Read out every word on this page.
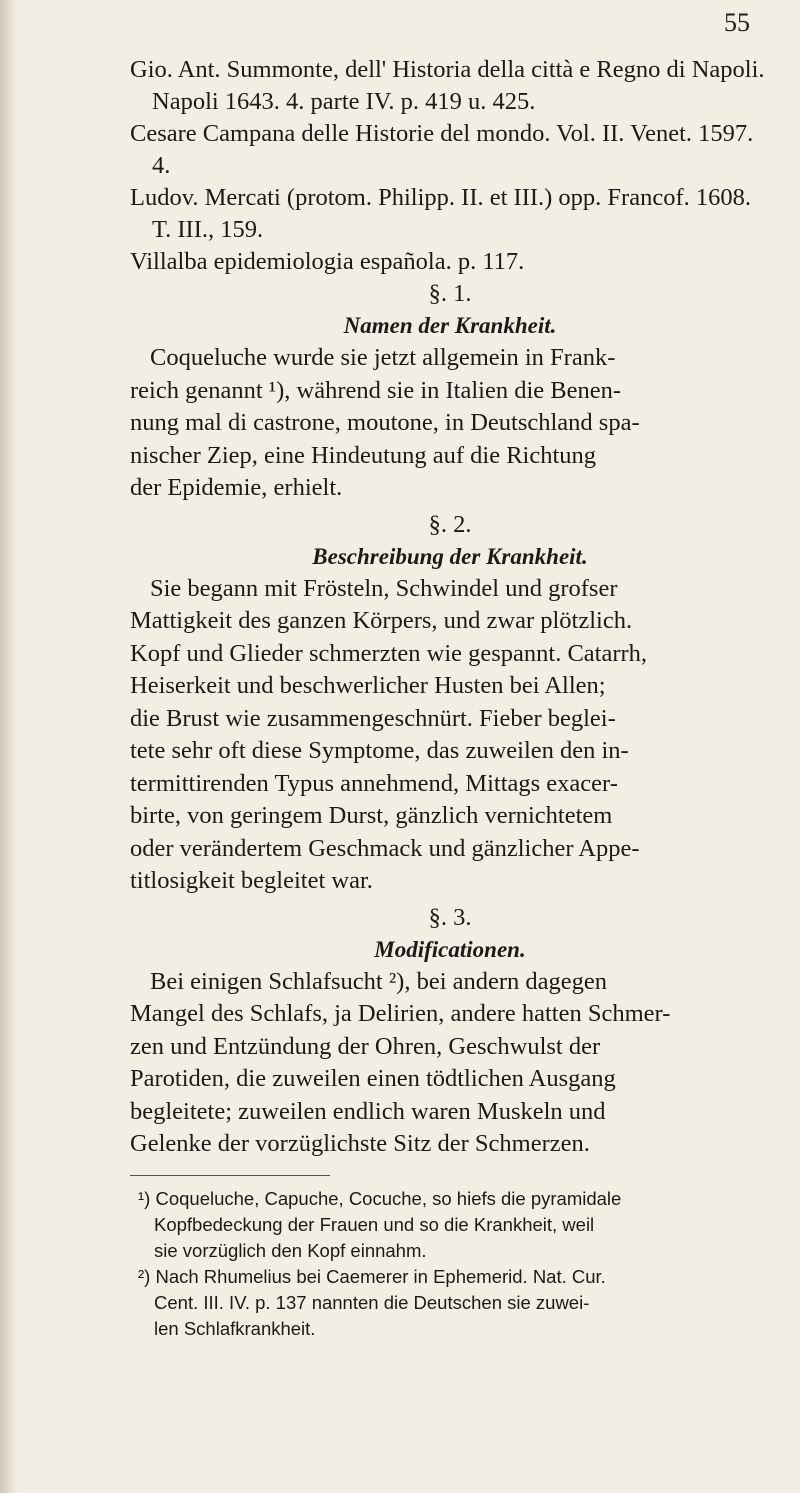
55

Gio. Ant. Summonte, dell' Historia della città e Regno di Napoli. Napoli 1643. 4. parte IV. p. 419 u. 425.

Cesare Campana delle Historie del mondo. Vol. II. Venet. 1597. 4.

Ludov. Mercati (protom. Philipp. II. et III.) opp. Francof. 1608. T. III., 159.

Villalba epidemiologia española. p. 117.

§. 1.

Namen der Krankheit.

Coqueluche wurde sie jetzt allgemein in Frank-
reich genannt ¹), während sie in Italien die Benen-
nung mal di castrone, moutone, in Deutschland spa-
nischer Ziep, eine Hindeutung auf die Richtung
der Epidemie, erhielt.

§. 2.

Beschreibung der Krankheit.

Sie begann mit Frösteln, Schwindel und grofser
Mattigkeit des ganzen Körpers, und zwar plötzlich.
Kopf und Glieder schmerzten wie gespannt. Catarrh,
Heiserkeit und beschwerlicher Husten bei Allen;
die Brust wie zusammengeschnürt. Fieber beglei-
tete sehr oft diese Symptome, das zuweilen den in-
termittirenden Typus annehmend, Mittags exacer-
birte, von geringem Durst, gänzlich vernichtetem
oder verändertem Geschmack und gänzlicher Appe-
titlosigkeit begleitet war.

§. 3.

Modificationen.

Bei einigen Schlafsucht ²), bei andern dagegen
Mangel des Schlafs, ja Delirien, andere hatten Schmer-
zen und Entzündung der Ohren, Geschwulst der
Parotiden, die zuweilen einen tödtlichen Ausgang
begleitete; zuweilen endlich waren Muskeln und
Gelenke der vorzüglichste Sitz der Schmerzen.

¹) Coqueluche, Capuche, Cocuche, so hiefs die pyramidale
Kopfbedeckung der Frauen und so die Krankheit, weil
sie vorzüglich den Kopf einnahm.

²) Nach Rhumelius bei Caemerer in Ephemerid. Nat. Cur.
Cent. III. IV. p. 137 nannten die Deutschen sie zuwei-
len Schlafkrankheit.
